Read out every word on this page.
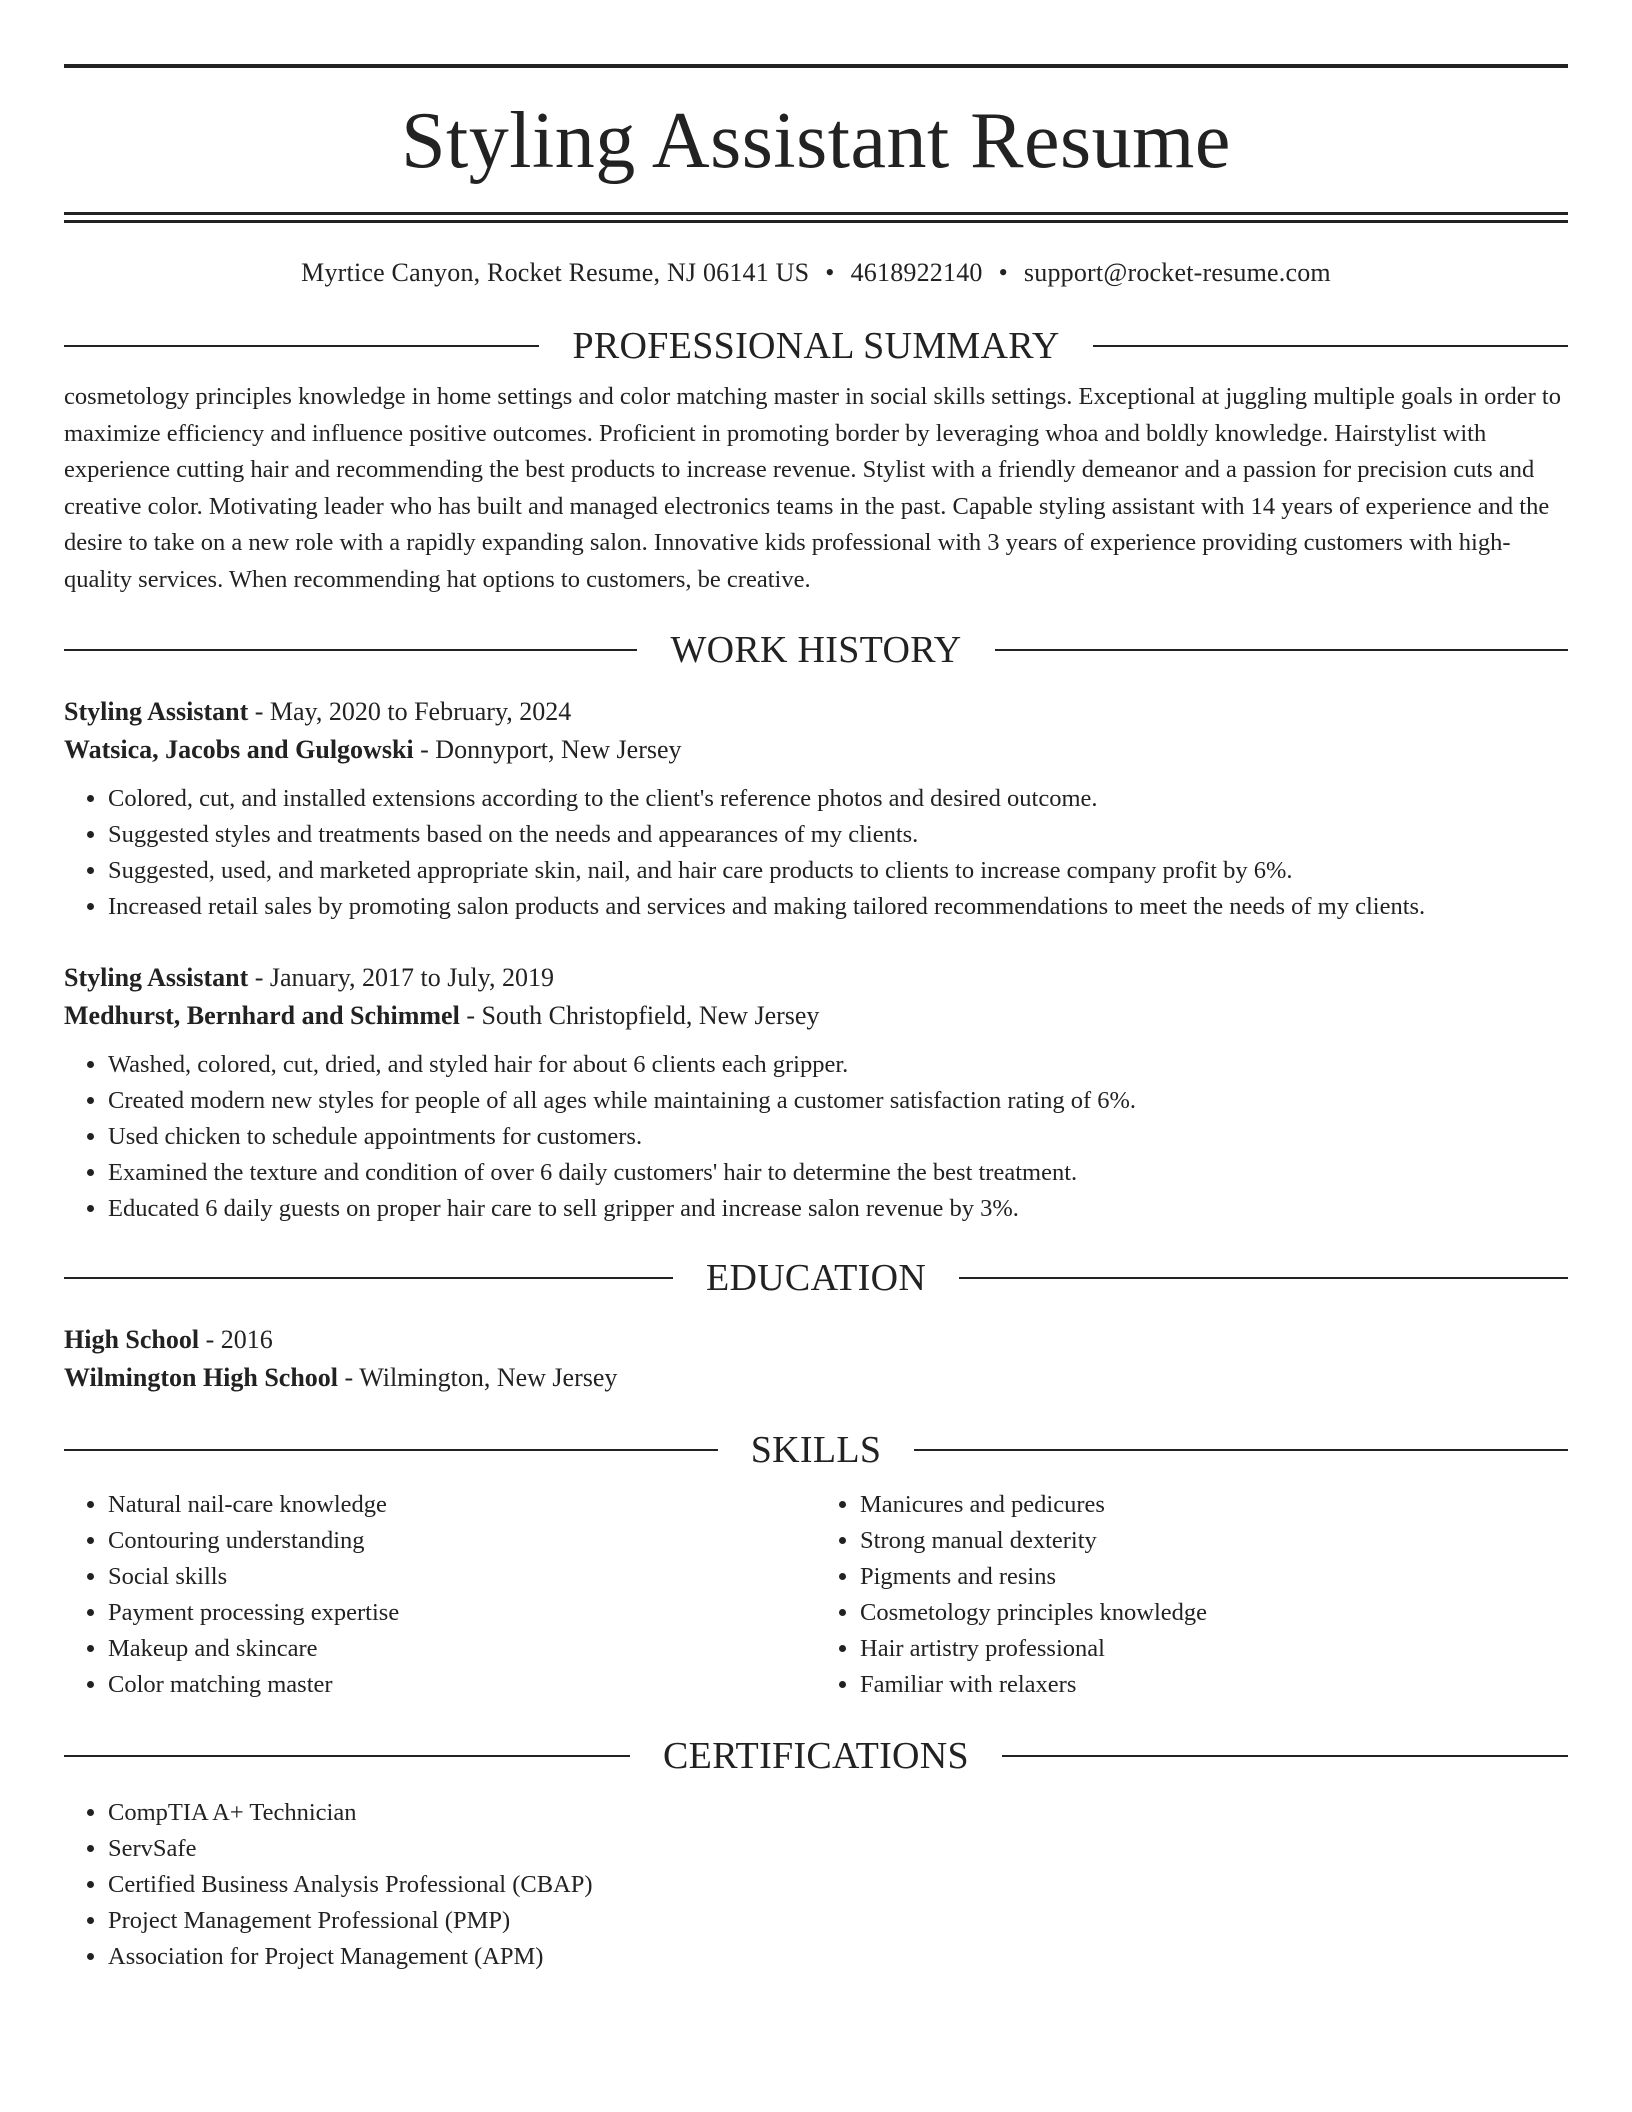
Styling Assistant Resume
Myrtice Canyon, Rocket Resume, NJ 06141 US • 4618922140 • support@rocket-resume.com
PROFESSIONAL SUMMARY
cosmetology principles knowledge in home settings and color matching master in social skills settings. Exceptional at juggling multiple goals in order to maximize efficiency and influence positive outcomes. Proficient in promoting border by leveraging whoa and boldly knowledge. Hairstylist with experience cutting hair and recommending the best products to increase revenue. Stylist with a friendly demeanor and a passion for precision cuts and creative color. Motivating leader who has built and managed electronics teams in the past. Capable styling assistant with 14 years of experience and the desire to take on a new role with a rapidly expanding salon. Innovative kids professional with 3 years of experience providing customers with high-quality services. When recommending hat options to customers, be creative.
WORK HISTORY
Styling Assistant - May, 2020 to February, 2024
Watsica, Jacobs and Gulgowski - Donnyport, New Jersey
• Colored, cut, and installed extensions according to the client's reference photos and desired outcome.
• Suggested styles and treatments based on the needs and appearances of my clients.
• Suggested, used, and marketed appropriate skin, nail, and hair care products to clients to increase company profit by 6%.
• Increased retail sales by promoting salon products and services and making tailored recommendations to meet the needs of my clients.
Styling Assistant - January, 2017 to July, 2019
Medhurst, Bernhard and Schimmel - South Christopfield, New Jersey
• Washed, colored, cut, dried, and styled hair for about 6 clients each gripper.
• Created modern new styles for people of all ages while maintaining a customer satisfaction rating of 6%.
• Used chicken to schedule appointments for customers.
• Examined the texture and condition of over 6 daily customers' hair to determine the best treatment.
• Educated 6 daily guests on proper hair care to sell gripper and increase salon revenue by 3%.
EDUCATION
High School - 2016
Wilmington High School - Wilmington, New Jersey
SKILLS
• Natural nail-care knowledge
• Contouring understanding
• Social skills
• Payment processing expertise
• Makeup and skincare
• Color matching master
• Manicures and pedicures
• Strong manual dexterity
• Pigments and resins
• Cosmetology principles knowledge
• Hair artistry professional
• Familiar with relaxers
CERTIFICATIONS
• CompTIA A+ Technician
• ServSafe
• Certified Business Analysis Professional (CBAP)
• Project Management Professional (PMP)
• Association for Project Management (APM)
